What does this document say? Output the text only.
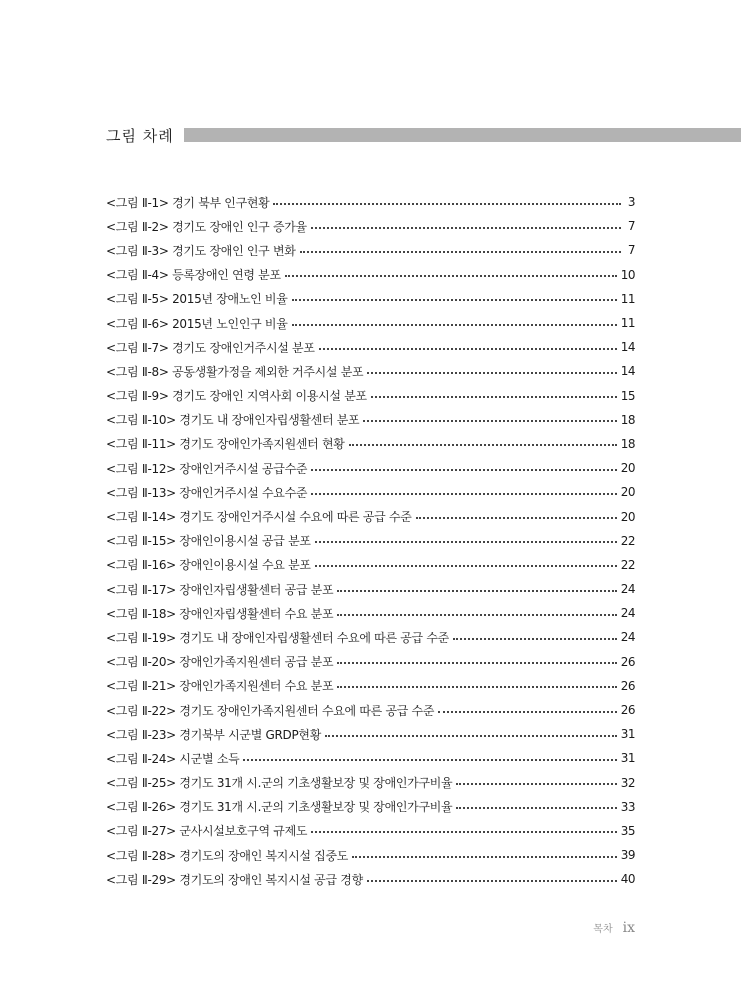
그림 차례
<그림 Ⅱ-1> 경기 북부 인구현황	3
<그림 Ⅱ-2> 경기도 장애인 인구 증가율	7
<그림 Ⅱ-3> 경기도 장애인 인구 변화	7
<그림 Ⅱ-4> 등록장애인 연령 분포	10
<그림 Ⅱ-5> 2015년 장애노인 비율	11
<그림 Ⅱ-6> 2015년 노인인구 비율	11
<그림 Ⅱ-7> 경기도 장애인거주시설 분포	14
<그림 Ⅱ-8> 공동생활가정을 제외한 거주시설 분포	14
<그림 Ⅱ-9> 경기도 장애인 지역사회 이용시설 분포	15
<그림 Ⅱ-10> 경기도 내 장애인자립생활센터 분포	18
<그림 Ⅱ-11> 경기도 장애인가족지원센터 현황	18
<그림 Ⅱ-12> 장애인거주시설 공급수준	20
<그림 Ⅱ-13> 장애인거주시설 수요수준	20
<그림 Ⅱ-14> 경기도 장애인거주시설 수요에 따른 공급 수준	20
<그림 Ⅱ-15> 장애인이용시설 공급 분포	22
<그림 Ⅱ-16> 장애인이용시설 수요 분포	22
<그림 Ⅱ-17> 장애인자립생활센터 공급 분포	24
<그림 Ⅱ-18> 장애인자립생활센터 수요 분포	24
<그림 Ⅱ-19> 경기도 내 장애인자립생활센터 수요에 따른 공급 수준	24
<그림 Ⅱ-20> 장애인가족지원센터 공급 분포	26
<그림 Ⅱ-21> 장애인가족지원센터 수요 분포	26
<그림 Ⅱ-22> 경기도 장애인가족지원센터 수요에 따른 공급 수준	26
<그림 Ⅱ-23> 경기북부 시군별 GRDP현황	31
<그림 Ⅱ-24> 시군별 소득	31
<그림 Ⅱ-25> 경기도 31개 시.군의 기초생활보장 및 장애인가구비율	32
<그림 Ⅱ-26> 경기도 31개 시.군의 기초생활보장 및 장애인가구비율	33
<그림 Ⅱ-27> 군사시설보호구역 규제도	35
<그림 Ⅱ-28> 경기도의 장애인 복지시설 집중도	39
<그림 Ⅱ-29> 경기도의 장애인 복지시설 공급 경향	40
목차 ix
